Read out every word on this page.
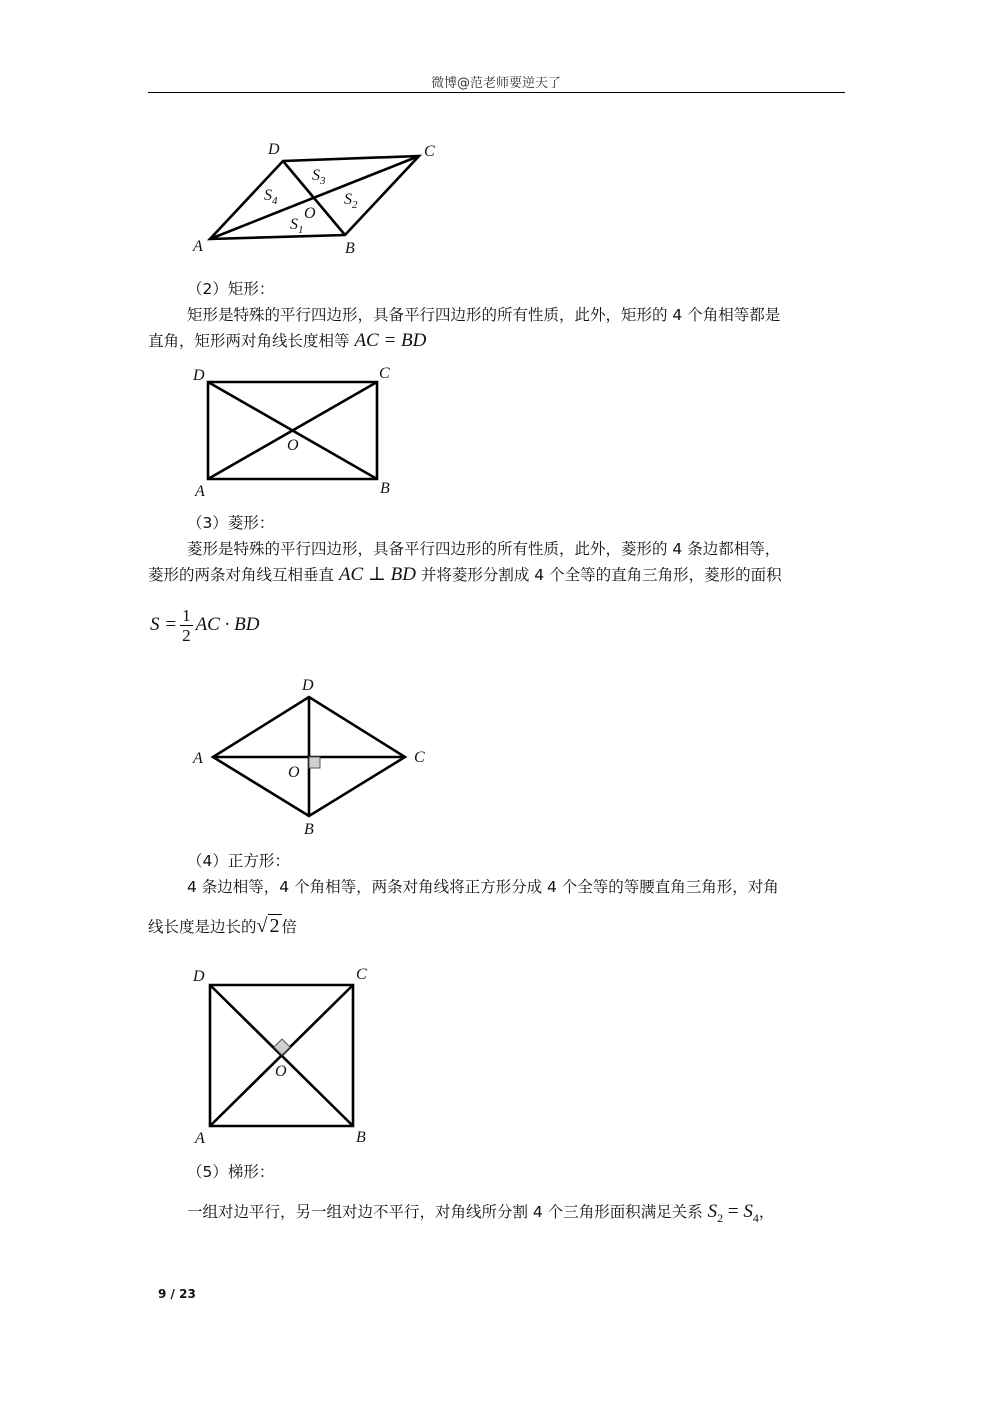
微博@范老师要逆天了
D	C
A	B
O
$S_3$
$S_4$	$S_2$
$S_1$
（2）矩形：
矩形是特殊的平行四边形，具备平行四边形的所有性质，此外，矩形的 4 个角相等都是
直角，矩形两对角线长度相等 AC = BD
D	C
A	B
O
（3）菱形：
菱形是特殊的平行四边形，具备平行四边形的所有性质，此外，菱形的 4 条边都相等，
菱形的两条对角线互相垂直 AC ⊥ BD 并将菱形分割成 4 个全等的直角三角形，菱形的面积
$S = \frac{1}{2}$ AC · BD
D
A	C
O
B
（4）正方形：
4 条边相等，4 个角相等，两条对角线将正方形分成 4 个全等的等腰直角三角形，对角
线长度是边长的√ 2 倍
D	C
O
A	B
（5）梯形：
一组对边平行，另一组对边不平行，对角线所分割 4 个三角形面积满足关系 $S_2 = S_4$，
9 / 23
